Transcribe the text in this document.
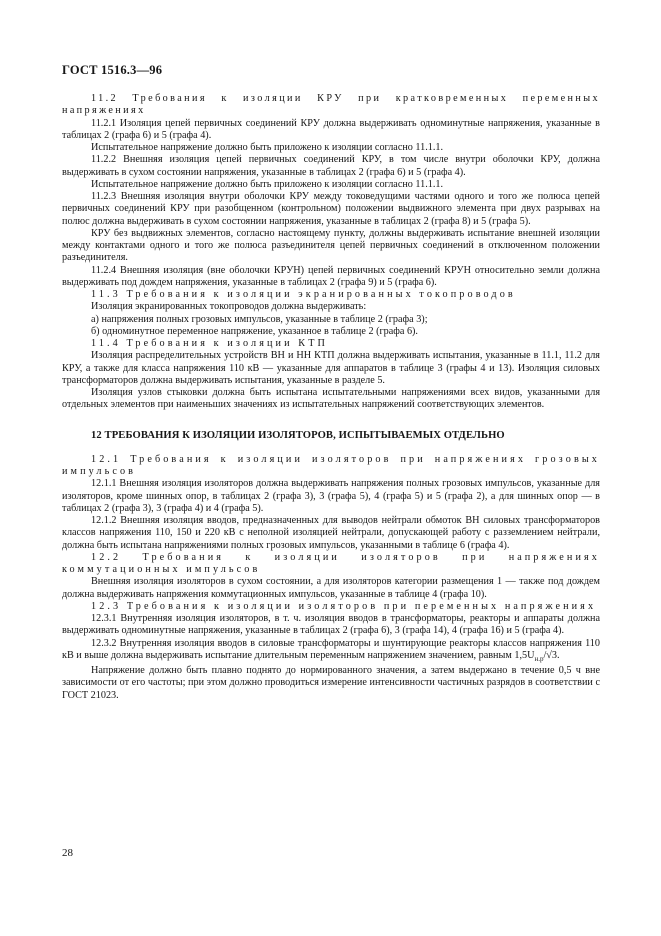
ГОСТ 1516.3—96

11.2 Требования к изоляции КРУ при кратковременных переменных напряжениях

11.2.1 Изоляция цепей первичных соединений КРУ должна выдерживать одноминутные напряжения, указанные в таблицах 2 (графа 6) и 5 (графа 4).

Испытательное напряжение должно быть приложено к изоляции согласно 11.1.1.

11.2.2 Внешняя изоляция цепей первичных соединений КРУ, в том числе внутри оболочки КРУ, должна выдерживать в сухом состоянии напряжения, указанные в таблицах 2 (графа 6) и 5 (графа 4).

Испытательное напряжение должно быть приложено к изоляции согласно 11.1.1.

11.2.3 Внешняя изоляция внутри оболочки КРУ между токоведущими частями одного и того же полюса цепей первичных соединений КРУ при разобщенном (контрольном) положении выдвижного элемента при двух разрывах на полюс должна выдерживать в сухом состоянии напряжения, указанные в таблицах 2 (графа 8) и 5 (графа 5).

КРУ без выдвижных элементов, согласно настоящему пункту, должны выдерживать испытание внешней изоляции между контактами одного и того же полюса разъединителя цепей первичных соединений в отключенном положении разъединителя.

11.2.4 Внешняя изоляция (вне оболочки КРУН) цепей первичных соединений КРУН относительно земли должна выдерживать под дождем напряжения, указанные в таблицах 2 (графа 9) и 5 (графа 6).

11.3 Требования к изоляции экранированных токопроводов

Изоляция экранированных токопроводов должна выдерживать:

а) напряжения полных грозовых импульсов, указанные в таблице 2 (графа 3);

б) одноминутное переменное напряжение, указанное в таблице 2 (графа 6).

11.4 Требования к изоляции КТП

Изоляция распределительных устройств ВН и НН КТП должна выдерживать испытания, указанные в 11.1, 11.2 для КРУ, а также для класса напряжения 110 кВ — указанные для аппаратов в таблице 3 (графы 4 и 13). Изоляция силовых трансформаторов должна выдерживать испытания, указанные в разделе 5.

Изоляция узлов стыковки должна быть испытана испытательными напряжениями всех видов, указанными для отдельных элементов при наименьших значениях из испытательных напряжений соответствующих элементов.

12 ТРЕБОВАНИЯ К ИЗОЛЯЦИИ ИЗОЛЯТОРОВ, ИСПЫТЫВАЕМЫХ ОТДЕЛЬНО

12.1 Требования к изоляции изоляторов при напряжениях грозовых импульсов

12.1.1 Внешняя изоляция изоляторов должна выдерживать напряжения полных грозовых импульсов, указанные для изоляторов, кроме шинных опор, в таблицах 2 (графа 3), 3 (графа 5), 4 (графа 5) и 5 (графа 2), а для шинных опор — в таблицах 2 (графа 3), 3 (графа 4) и 4 (графа 5).

12.1.2 Внешняя изоляция вводов, предназначенных для выводов нейтрали обмоток ВН силовых трансформаторов классов напряжения 110, 150 и 220 кВ с неполной изоляцией нейтрали, допускающей работу с разземлением нейтрали, должна быть испытана напряжениями полных грозовых импульсов, указанными в таблице 6 (графа 4).

12.2 Требования к изоляции изоляторов при напряжениях коммутационных импульсов

Внешняя изоляция изоляторов в сухом состоянии, а для изоляторов категории размещения 1 — также под дождем должна выдерживать напряжения коммутационных импульсов, указанные в таблице 4 (графа 10).

12.3 Требования к изоляции изоляторов при переменных напряжениях

12.3.1 Внутренняя изоляция изоляторов, в т. ч. изоляция вводов в трансформаторы, реакторы и аппараты должна выдерживать одноминутные напряжения, указанные в таблицах 2 (графа 6), 3 (графа 14), 4 (графа 16) и 5 (графа 4).

12.3.2 Внутренняя изоляция вводов в силовые трансформаторы и шунтирующие реакторы классов напряжения 110 кВ и выше должна выдерживать испытание длительным переменным напряжением значением, равным $1,5U_{н.р}/√3$.

Напряжение должно быть плавно поднято до нормированного значения, а затем выдержано в течение 0,5 ч вне зависимости от его частоты; при этом должно проводиться измерение интенсивности частичных разрядов в соответствии с ГОСТ 21023.

28
